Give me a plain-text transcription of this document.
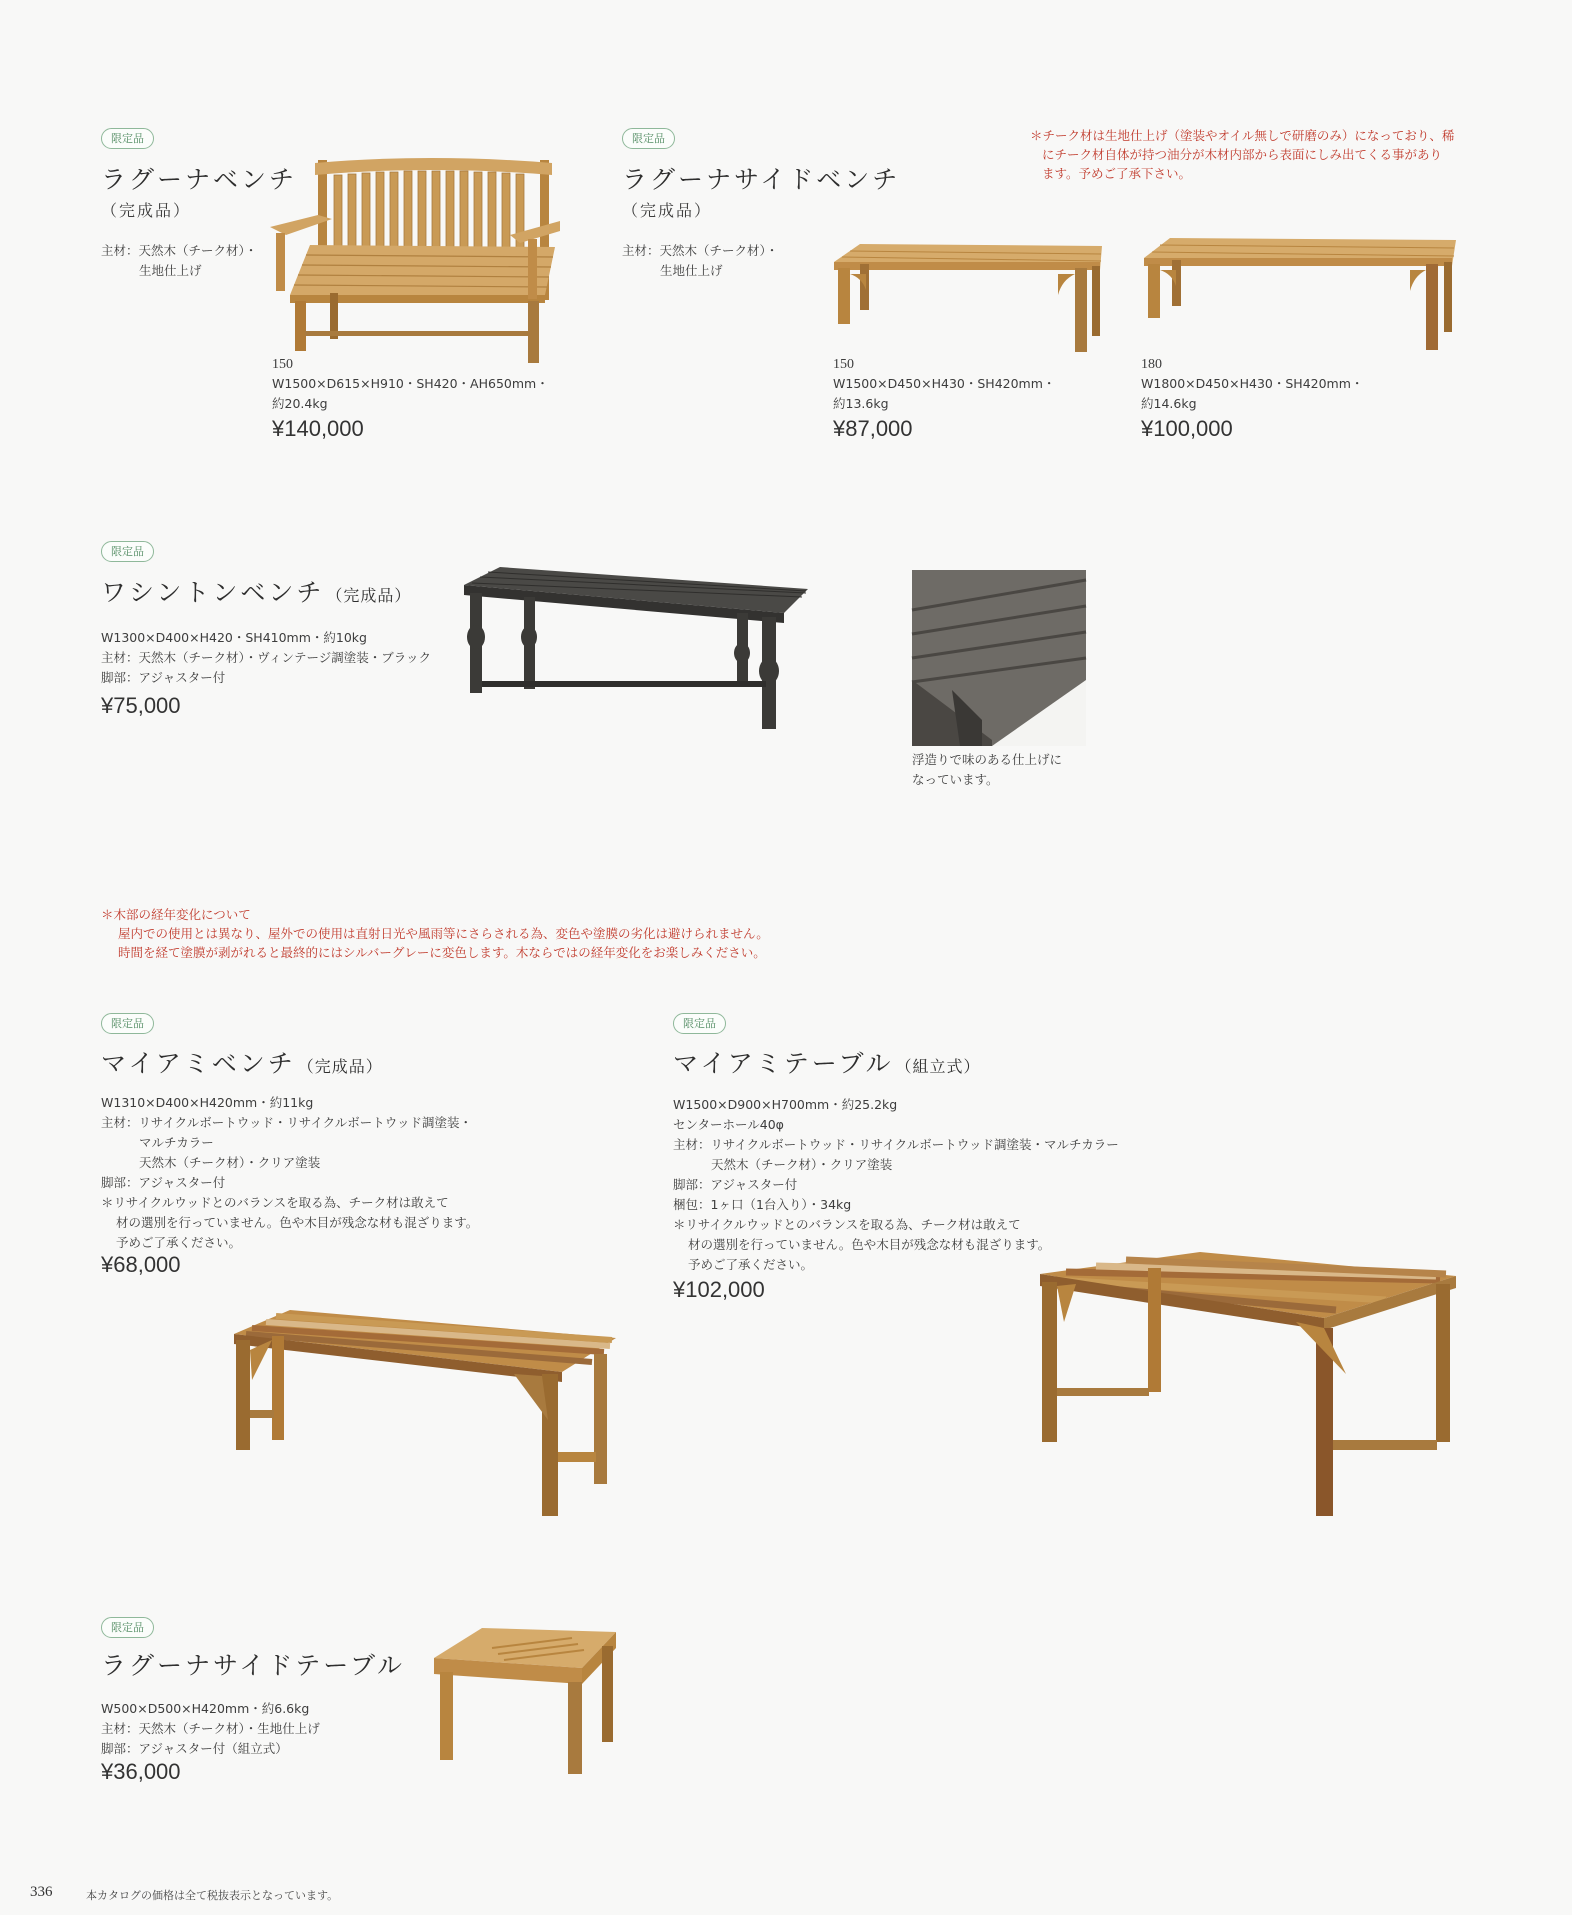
限定品
ラグーナベンチ
（完成品）
主材：天然木（チーク材）・
生地仕上げ
150
W1500×D615×H910・SH420・AH650mm・
約20.4kg
¥140,000
限定品
ラグーナサイドベンチ
（完成品）
主材：天然木（チーク材）・
生地仕上げ
＊チーク材は生地仕上げ（塗装やオイル無しで研磨のみ）になっており、稀
にチーク材自体が持つ油分が木材内部から表面にしみ出てくる事があり
ます。予めご了承下さい。
150
W1500×D450×H430・SH420mm・
約13.6kg
¥87,000
180
W1800×D450×H430・SH420mm・
約14.6kg
¥100,000
限定品
ワシントンベンチ （完成品）
W1300×D400×H420・SH410mm・約10kg
主材：天然木（チーク材）・ヴィンテージ調塗装・ブラック
脚部：アジャスター付
¥75,000
浮造りで味のある仕上げに
なっています。
＊木部の経年変化について
屋内での使用とは異なり、屋外での使用は直射日光や風雨等にさらされる為、変色や塗膜の劣化は避けられません。
時間を経て塗膜が剥がれると最終的にはシルバーグレーに変色します。木ならではの経年変化をお楽しみください。
限定品
マイアミベンチ （完成品）
W1310×D400×H420mm・約11kg
主材：リサイクルボートウッド・リサイクルボートウッド調塗装・
マルチカラー
天然木（チーク材）・クリア塗装
脚部：アジャスター付
＊リサイクルウッドとのバランスを取る為、チーク材は敢えて
材の選別を行っていません。色や木目が残念な材も混ざります。
予めご了承ください。
¥68,000
限定品
マイアミテーブル （組立式）
W1500×D900×H700mm・約25.2kg
センターホール40φ
主材：リサイクルボートウッド・リサイクルボートウッド調塗装・マルチカラー
天然木（チーク材）・クリア塗装
脚部：アジャスター付
梱包：1ヶ口（1台入り）・34kg
＊リサイクルウッドとのバランスを取る為、チーク材は敢えて
材の選別を行っていません。色や木目が残念な材も混ざります。
予めご了承ください。
¥102,000
限定品
ラグーナサイドテーブル
W500×D500×H420mm・約6.6kg
主材：天然木（チーク材）・生地仕上げ
脚部：アジャスター付（組立式）
¥36,000
336	本カタログの価格は全て税抜表示となっています。
